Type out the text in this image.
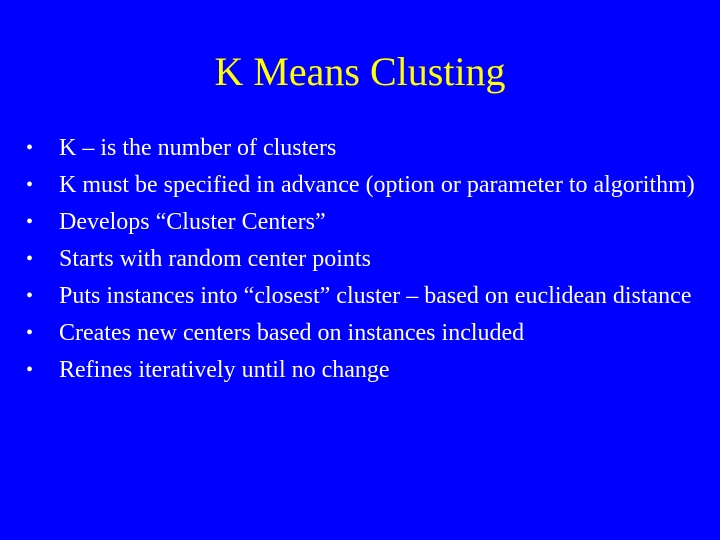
K Means Clusting
•	K – is the number of clusters
•	K must be specified in advance (option or parameter to algorithm)
•	Develops “Cluster Centers”
•	Starts with random center points
•	Puts instances into “closest” cluster – based on euclidean distance
•	Creates new centers based on instances included
•	Refines iteratively until no change
